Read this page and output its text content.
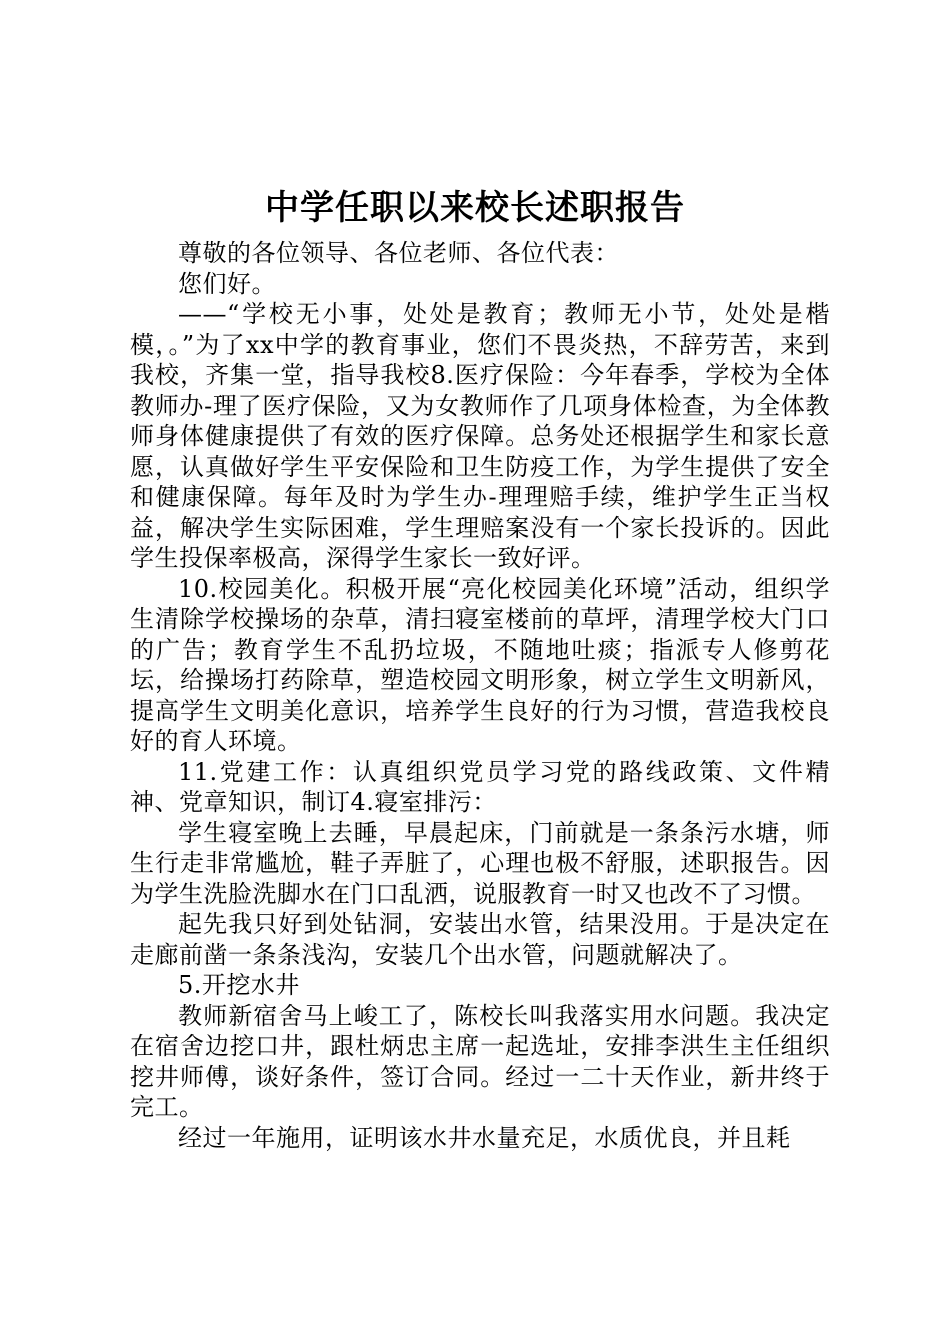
中学任职以来校长述职报告

尊敬的各位领导、各位老师、各位代表：

您们好。

——“学校无小事，处处是教育；教师无小节，处处是楷模，。”为了xx中学的教育事业，您们不畏炎热，不辞劳苦，来到我校，齐集一堂，指导我校8.医疗保险：今年春季，学校为全体教师办-理了医疗保险，又为女教师作了几项身体检查，为全体教师身体健康提供了有效的医疗保障。总务处还根据学生和家长意愿，认真做好学生平安保险和卫生防疫工作，为学生提供了安全和健康保障。每年及时为学生办-理理赔手续，维护学生正当权益，解决学生实际困难，学生理赔案没有一个家长投诉的。因此学生投保率极高，深得学生家长一致好评。

10.校园美化。积极开展“亮化校园美化环境”活动，组织学生清除学校操场的杂草，清扫寝室楼前的草坪，清理学校大门口的广告；教育学生不乱扔垃圾，不随地吐痰；指派专人修剪花坛，给操场打药除草，塑造校园文明形象，树立学生文明新风，提高学生文明美化意识，培养学生良好的行为习惯，营造我校良好的育人环境。

11.党建工作：认真组织党员学习党的路线政策、文件精神、党章知识，制订4.寝室排污：

学生寝室晚上去睡，早晨起床，门前就是一条条污水塘，师生行走非常尴尬，鞋子弄脏了，心理也极不舒服，述职报告。因为学生洗脸洗脚水在门口乱洒，说服教育一时又也改不了习惯。

起先我只好到处钻洞，安装出水管，结果没用。于是决定在走廊前凿一条条浅沟，安装几个出水管，问题就解决了。

5.开挖水井

教师新宿舍马上峻工了，陈校长叫我落实用水问题。我决定在宿舍边挖口井，跟杜炳忠主席一起选址，安排李洪生主任组织挖井师傅，谈好条件，签订合同。经过一二十天作业，新井终于完工。

经过一年施用，证明该水井水量充足，水质优良，并且耗
